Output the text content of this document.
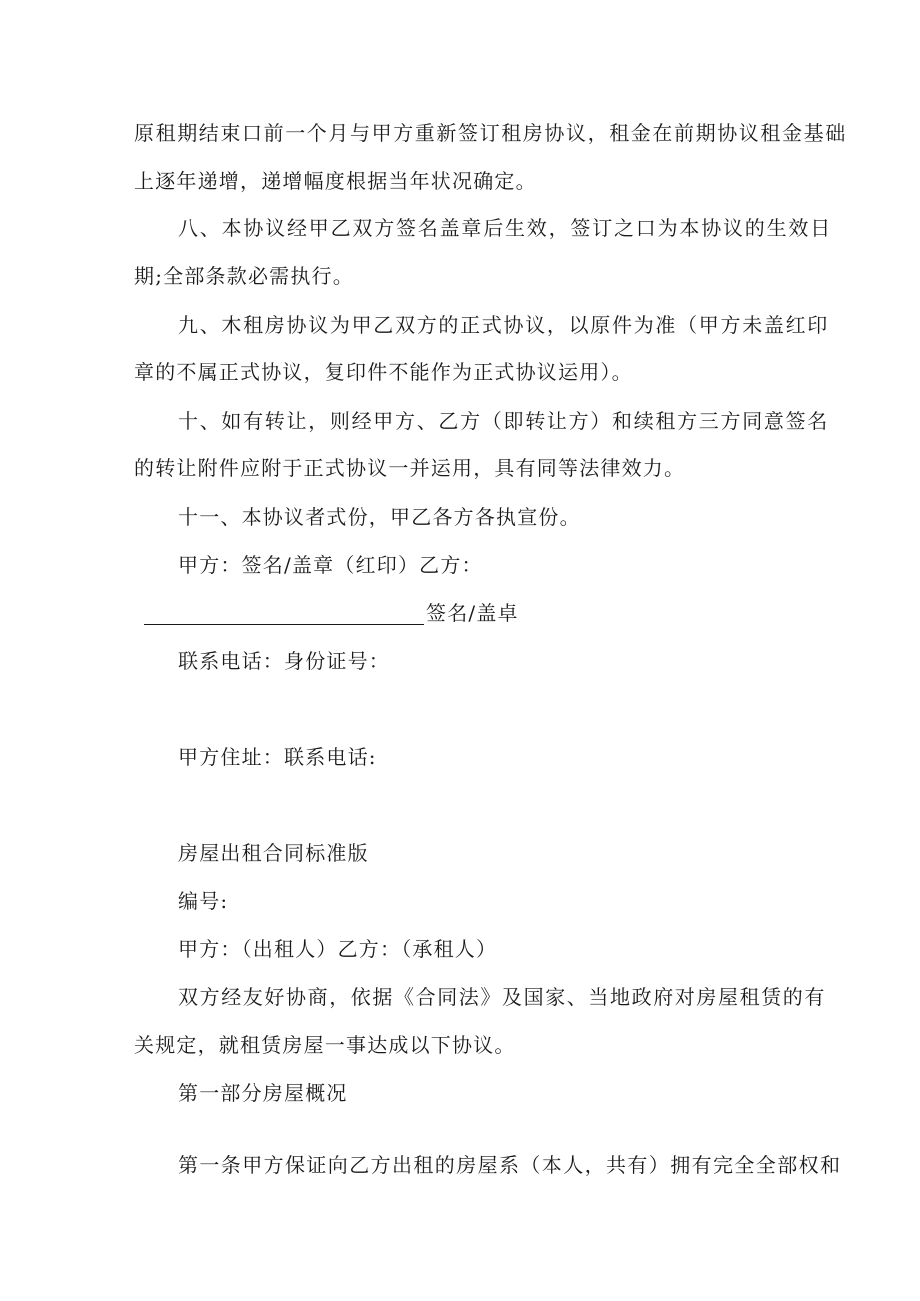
原租期结束口前一个月与甲方重新签订租房协议，租金在前期协议租金基础
上逐年递增，递增幅度根据当年状况确定。
八、本协议经甲乙双方签名盖章后生效，签订之口为本协议的生效日
期;全部条款必需执行。
九、木租房协议为甲乙双方的正式协议，以原件为准（甲方未盖红印
章的不属正式协议，复印件不能作为正式协议运用）。
十、如有转让，则经甲方、乙方（即转让方）和续租方三方同意签名
的转让附件应附于正式协议一并运用，具有同等法律效力。
十一、本协议者式份，甲乙各方各执宣份。
甲方：签名/盖章（红印）乙方：
签名/盖卓
联系电话：身份证号：
甲方住址：联系电话:
房屋出租合同标准版
编号:
甲方：（出租人）乙方：（承租人）
双方经友好协商，依据《合同法》及国家、当地政府对房屋租赁的有
关规定，就租赁房屋一事达成以下协议。
第一部分房屋概况
第一条甲方保证向乙方出租的房屋系（本人，共有）拥有完全全部权和
